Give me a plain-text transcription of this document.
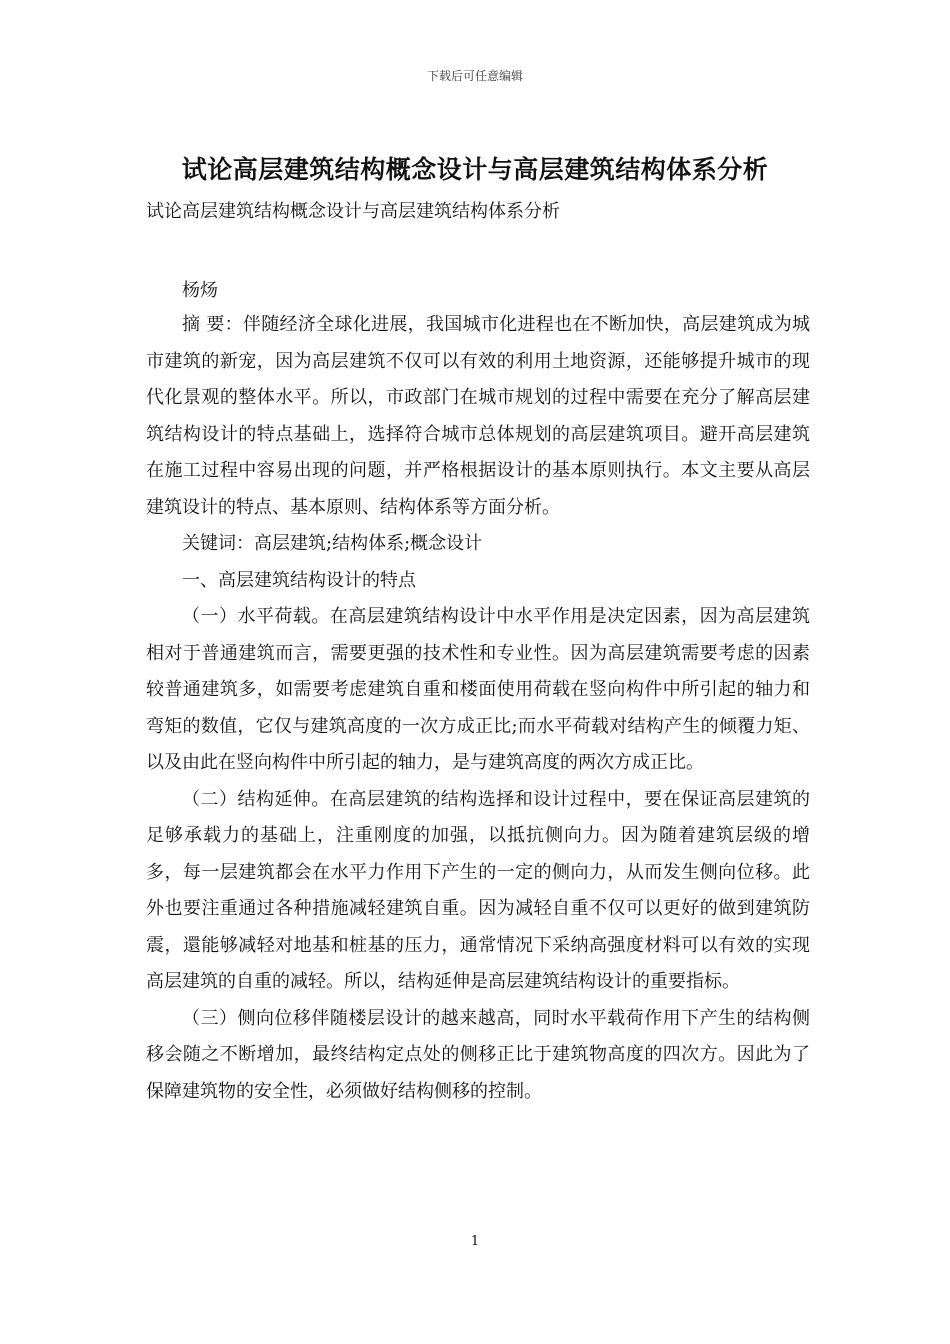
下载后可任意编辑
试论高层建筑结构概念设计与高层建筑结构体系分析
试论高层建筑结构概念设计与高层建筑结构体系分析
杨炀

摘 要：伴随经济全球化进展，我国城市化进程也在不断加快，高层建筑成为城市建筑的新宠，因为高层建筑不仅可以有效的利用土地资源，还能够提升城市的现代化景观的整体水平。所以，市政部门在城市规划的过程中需要在充分了解高层建筑结构设计的特点基础上，选择符合城市总体规划的高层建筑项目。避开高层建筑在施工过程中容易出现的问题，并严格根据设计的基本原则执行。本文主要从高层建筑设计的特点、基本原则、结构体系等方面分析。

关键词：高层建筑;结构体系;概念设计

一、高层建筑结构设计的特点

（一）水平荷载。在高层建筑结构设计中水平作用是决定因素，因为高层建筑相对于普通建筑而言，需要更强的技术性和专业性。因为高层建筑需要考虑的因素较普通建筑多，如需要考虑建筑自重和楼面使用荷载在竖向构件中所引起的轴力和弯矩的数值，它仅与建筑高度的一次方成正比;而水平荷载对结构产生的倾覆力矩、以及由此在竖向构件中所引起的轴力，是与建筑高度的两次方成正比。

（二）结构延伸。在高层建筑的结构选择和设计过程中，要在保证高层建筑的足够承载力的基础上，注重刚度的加强，以抵抗侧向力。因为随着建筑层级的增多，每一层建筑都会在水平力作用下产生的一定的侧向力，从而发生侧向位移。此外也要注重通过各种措施减轻建筑自重。因为减轻自重不仅可以更好的做到建筑防震，還能够减轻对地基和桩基的压力，通常情况下采纳高强度材料可以有效的实现高层建筑的自重的减轻。所以，结构延伸是高层建筑结构设计的重要指标。

（三）侧向位移伴随楼层设计的越来越高，同时水平载荷作用下产生的结构侧移会随之不断增加，最终结构定点处的侧移正比于建筑物高度的四次方。因此为了保障建筑物的安全性，必须做好结构侧移的控制。

1
